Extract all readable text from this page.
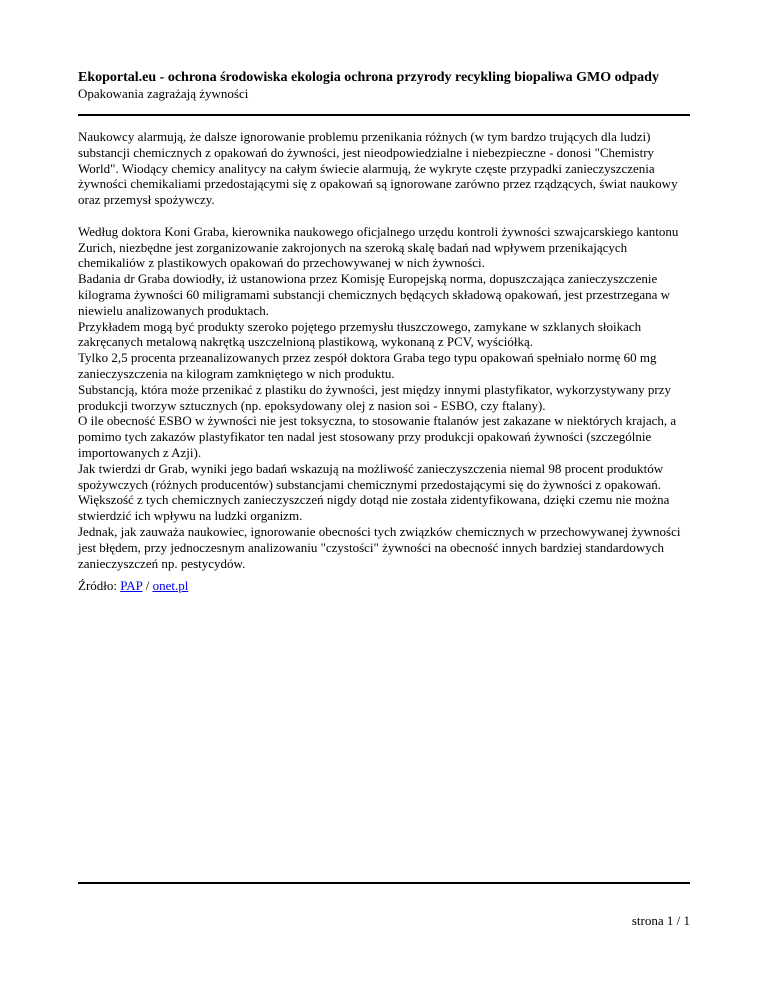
Ekoportal.eu - ochrona środowiska ekologia ochrona przyrody recykling biopaliwa GMO odpady
Opakowania zagrażają żywności

Naukowcy alarmują, że dalsze ignorowanie problemu przenikania różnych (w tym bardzo trujących dla ludzi) substancji chemicznych z opakowań do żywności, jest nieodpowiedzialne i niebezpieczne - donosi "Chemistry World". Wiodący chemicy analitycy na całym świecie alarmują, że wykryte częste przypadki zanieczyszczenia żywności chemikaliami przedostającymi się z opakowań są ignorowane zarówno przez rządzących, świat naukowy oraz przemysł spożywczy.

Według doktora Koni Graba, kierownika naukowego oficjalnego urzędu kontroli żywności szwajcarskiego kantonu Zurich, niezbędne jest zorganizowanie zakrojonych na szeroką skalę badań nad wpływem przenikających chemikaliów z plastikowych opakowań do przechowywanej w nich żywności.

Badania dr Graba dowiodły, iż ustanowiona przez Komisję Europejską norma, dopuszczająca zanieczyszczenie kilograma żywności 60 miligramami substancji chemicznych będących składową opakowań, jest przestrzegana w niewielu analizowanych produktach.

Przykładem mogą być produkty szeroko pojętego przemysłu tłuszczowego, zamykane w szklanych słoikach zakręcanych metalową nakrętką uszczelnioną plastikową, wykonaną z PCV, wyściółką.

Tylko 2,5 procenta przeanalizowanych przez zespół doktora Graba tego typu opakowań spełniało normę 60 mg zanieczyszczenia na kilogram zamkniętego w nich produktu.

Substancją, która może przenikać z plastiku do żywności, jest między innymi plastyfikator, wykorzystywany przy produkcji tworzyw sztucznych (np. epoksydowany olej z nasion soi - ESBO, czy ftalany).

O ile obecność ESBO w żywności nie jest toksyczna, to stosowanie ftalanów jest zakazane w niektórych krajach, a pomimo tych zakazów plastyfikator ten nadal jest stosowany przy produkcji opakowań żywności (szczególnie importowanych z Azji).

Jak twierdzi dr Grab, wyniki jego badań wskazują na możliwość zanieczyszczenia niemal 98 procent produktów spożywczych (różnych producentów) substancjami chemicznymi przedostającymi się do żywności z opakowań.

Większość z tych chemicznych zanieczyszczeń nigdy dotąd nie została zidentyfikowana, dzięki czemu nie można stwierdzić ich wpływu na ludzki organizm.

Jednak, jak zauważa naukowiec, ignorowanie obecności tych związków chemicznych w przechowywanej żywności jest błędem, przy jednoczesnym analizowaniu "czystości" żywności na obecność innych bardziej standardowych zanieczyszczeń np. pestycydów.

Źródło: PAP / onet.pl
strona 1 / 1
